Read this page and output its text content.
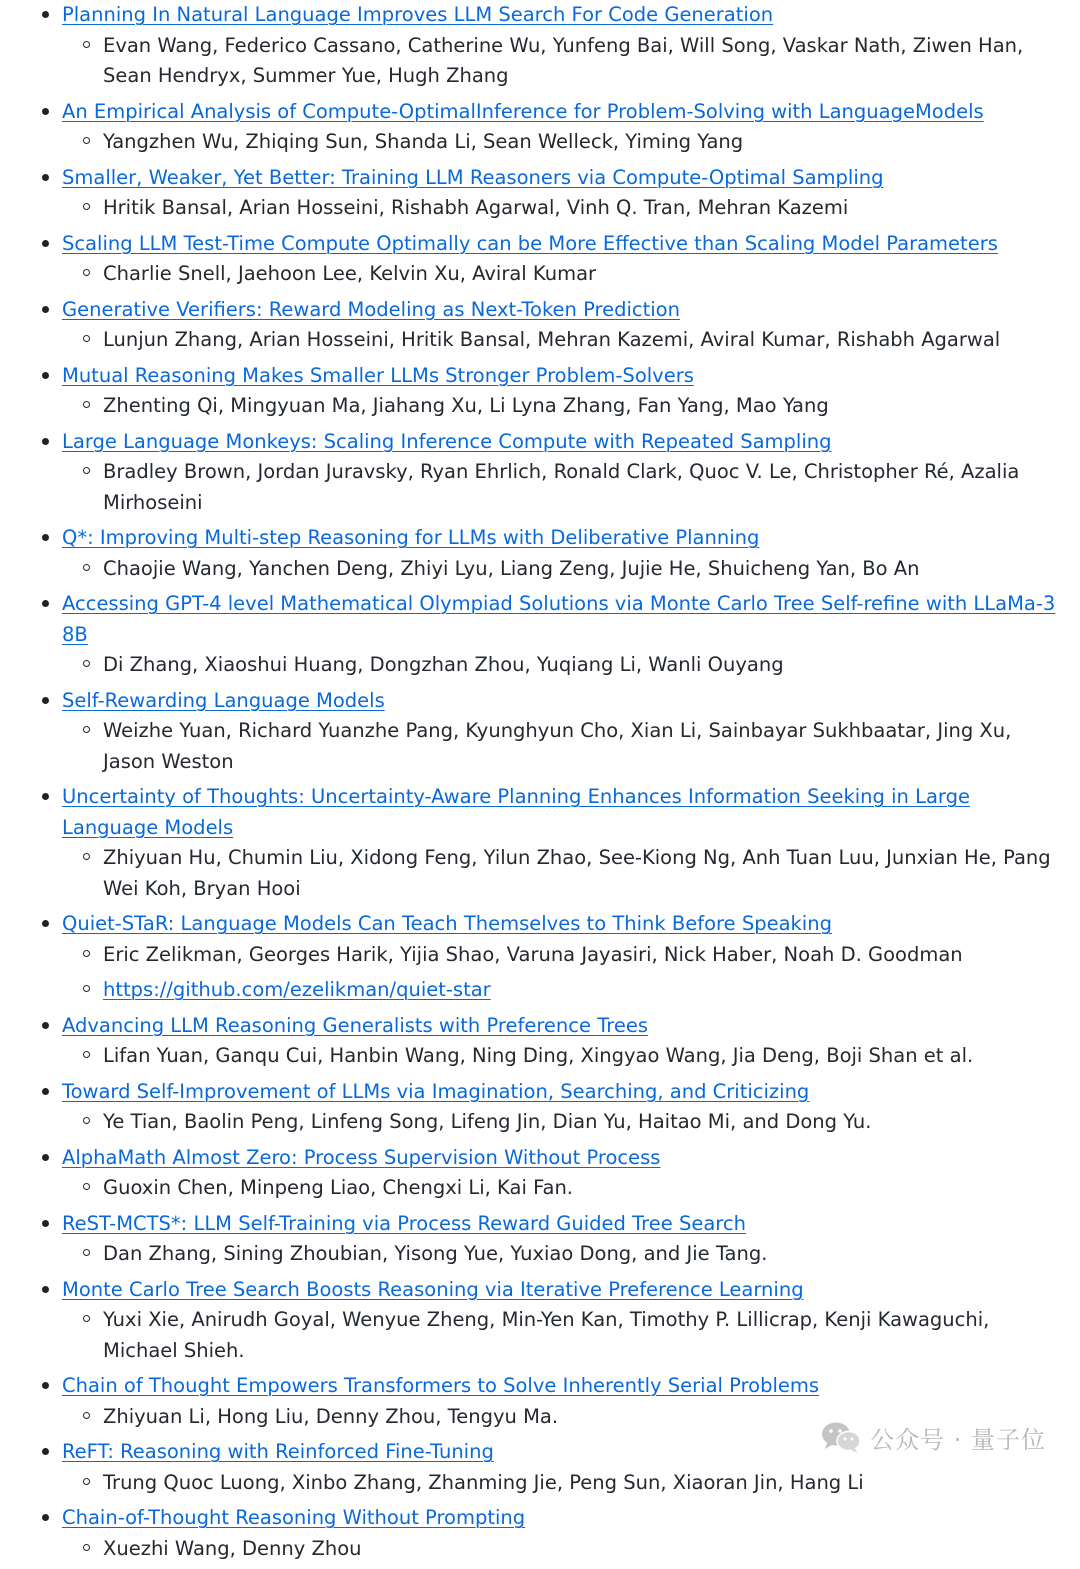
Planning In Natural Language Improves LLM Search For Code Generation
Evan Wang, Federico Cassano, Catherine Wu, Yunfeng Bai, Will Song, Vaskar Nath, Ziwen Han, Sean Hendryx, Summer Yue, Hugh Zhang
An Empirical Analysis of Compute-OptimalInference for Problem-Solving with LanguageModels
Yangzhen Wu, Zhiqing Sun, Shanda Li, Sean Welleck, Yiming Yang
Smaller, Weaker, Yet Better: Training LLM Reasoners via Compute-Optimal Sampling
Hritik Bansal, Arian Hosseini, Rishabh Agarwal, Vinh Q. Tran, Mehran Kazemi
Scaling LLM Test-Time Compute Optimally can be More Effective than Scaling Model Parameters
Charlie Snell, Jaehoon Lee, Kelvin Xu, Aviral Kumar
Generative Verifiers: Reward Modeling as Next-Token Prediction
Lunjun Zhang, Arian Hosseini, Hritik Bansal, Mehran Kazemi, Aviral Kumar, Rishabh Agarwal
Mutual Reasoning Makes Smaller LLMs Stronger Problem-Solvers
Zhenting Qi, Mingyuan Ma, Jiahang Xu, Li Lyna Zhang, Fan Yang, Mao Yang
Large Language Monkeys: Scaling Inference Compute with Repeated Sampling
Bradley Brown, Jordan Juravsky, Ryan Ehrlich, Ronald Clark, Quoc V. Le, Christopher Ré, Azalia Mirhoseini
Q*: Improving Multi-step Reasoning for LLMs with Deliberative Planning
Chaojie Wang, Yanchen Deng, Zhiyi Lyu, Liang Zeng, Jujie He, Shuicheng Yan, Bo An
Accessing GPT-4 level Mathematical Olympiad Solutions via Monte Carlo Tree Self-refine with LLaMa-3 8B
Di Zhang, Xiaoshui Huang, Dongzhan Zhou, Yuqiang Li, Wanli Ouyang
Self-Rewarding Language Models
Weizhe Yuan, Richard Yuanzhe Pang, Kyunghyun Cho, Xian Li, Sainbayar Sukhbaatar, Jing Xu, Jason Weston
Uncertainty of Thoughts: Uncertainty-Aware Planning Enhances Information Seeking in Large Language Models
Zhiyuan Hu, Chumin Liu, Xidong Feng, Yilun Zhao, See-Kiong Ng, Anh Tuan Luu, Junxian He, Pang Wei Koh, Bryan Hooi
Quiet-STaR: Language Models Can Teach Themselves to Think Before Speaking
Eric Zelikman, Georges Harik, Yijia Shao, Varuna Jayasiri, Nick Haber, Noah D. Goodman
https://github.com/ezelikman/quiet-star
Advancing LLM Reasoning Generalists with Preference Trees
Lifan Yuan, Ganqu Cui, Hanbin Wang, Ning Ding, Xingyao Wang, Jia Deng, Boji Shan et al.
Toward Self-Improvement of LLMs via Imagination, Searching, and Criticizing
Ye Tian, Baolin Peng, Linfeng Song, Lifeng Jin, Dian Yu, Haitao Mi, and Dong Yu.
AlphaMath Almost Zero: Process Supervision Without Process
Guoxin Chen, Minpeng Liao, Chengxi Li, Kai Fan.
ReST-MCTS*: LLM Self-Training via Process Reward Guided Tree Search
Dan Zhang, Sining Zhoubian, Yisong Yue, Yuxiao Dong, and Jie Tang.
Monte Carlo Tree Search Boosts Reasoning via Iterative Preference Learning
Yuxi Xie, Anirudh Goyal, Wenyue Zheng, Min-Yen Kan, Timothy P. Lillicrap, Kenji Kawaguchi, Michael Shieh.
Chain of Thought Empowers Transformers to Solve Inherently Serial Problems
Zhiyuan Li, Hong Liu, Denny Zhou, Tengyu Ma.
ReFT: Reasoning with Reinforced Fine-Tuning
Trung Quoc Luong, Xinbo Zhang, Zhanming Jie, Peng Sun, Xiaoran Jin, Hang Li
Chain-of-Thought Reasoning Without Prompting
Xuezhi Wang, Denny Zhou
公众号 · 量子位
